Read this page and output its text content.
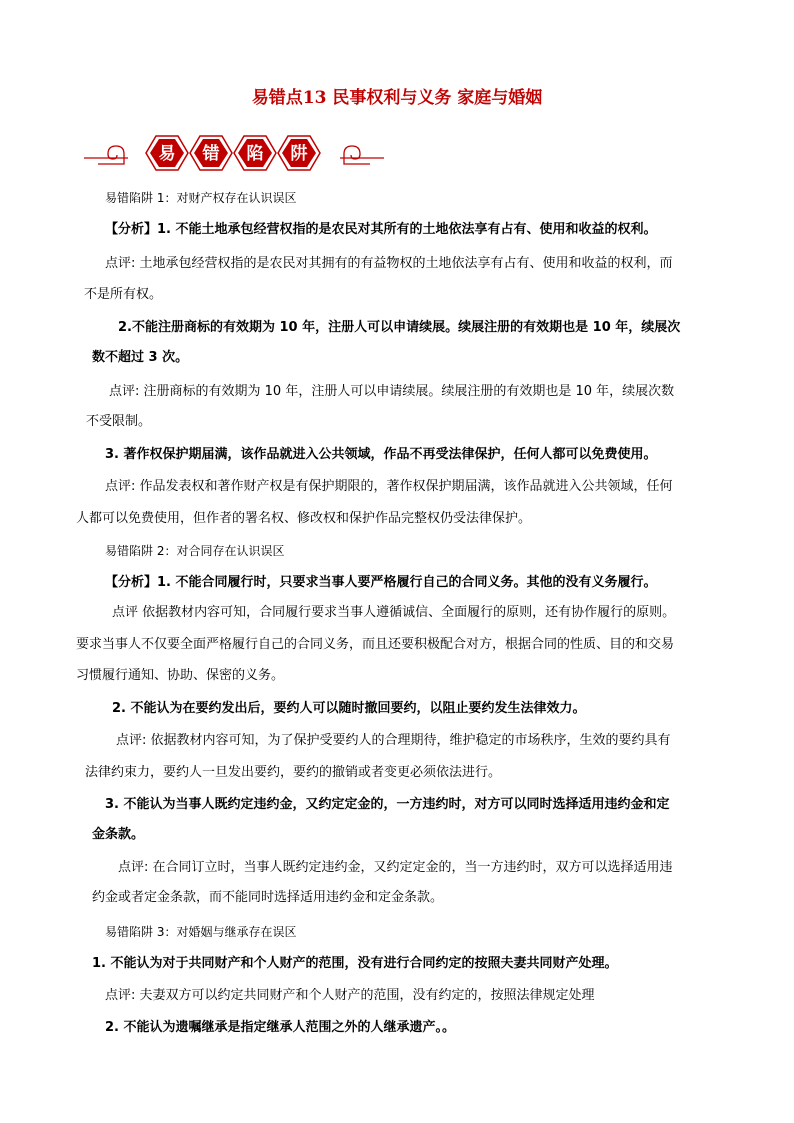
易错点13 民事权利与义务 家庭与婚姻
易 错 陷 阱
易错陷阱 1：对财产权存在认识误区
【分析】1. 不能土地承包经营权指的是农民对其所有的土地依法享有占有、使用和收益的权利。
点评: 土地承包经营权指的是农民对其拥有的有益物权的土地依法享有占有、使用和收益的权利，而
不是所有权。
2.不能注册商标的有效期为 10 年，注册人可以申请续展。续展注册的有效期也是 10 年，续展次
数不超过 3 次。
点评: 注册商标的有效期为 10 年，注册人可以申请续展。续展注册的有效期也是 10 年，续展次数
不受限制。
3. 著作权保护期届满，该作品就进入公共领域，作品不再受法律保护，任何人都可以免费使用。
点评: 作品发表权和著作财产权是有保护期限的，著作权保护期届满，该作品就进入公共领域，任何
人都可以免费使用，但作者的署名权、修改权和保护作品完整权仍受法律保护。
易错陷阱 2：对合同存在认识误区
【分析】1. 不能合同履行时，只要求当事人要严格履行自己的合同义务。其他的没有义务履行。
点评 依据教材内容可知，合同履行要求当事人遵循诚信、全面履行的原则，还有协作履行的原则。
要求当事人不仅要全面严格履行自己的合同义务，而且还要积极配合对方，根据合同的性质、目的和交易
习惯履行通知、协助、保密的义务。
2. 不能认为在要约发出后，要约人可以随时撤回要约，以阻止要约发生法律效力。
点评: 依据教材内容可知，为了保护受要约人的合理期待，维护稳定的市场秩序，生效的要约具有
法律约束力，要约人一旦发出要约，要约的撤销或者变更必须依法进行。
3. 不能认为当事人既约定违约金，又约定定金的，一方违约时，对方可以同时选择适用违约金和定
金条款。
点评: 在合同订立时，当事人既约定违约金，又约定定金的，当一方违约时，双方可以选择适用违
约金或者定金条款，而不能同时选择适用违约金和定金条款。
易错陷阱 3：对婚姻与继承存在误区
1. 不能认为对于共同财产和个人财产的范围，没有进行合同约定的按照夫妻共同财产处理。
点评: 夫妻双方可以约定共同财产和个人财产的范围，没有约定的，按照法律规定处理
2. 不能认为遗嘱继承是指定继承人范围之外的人继承遗产。。
